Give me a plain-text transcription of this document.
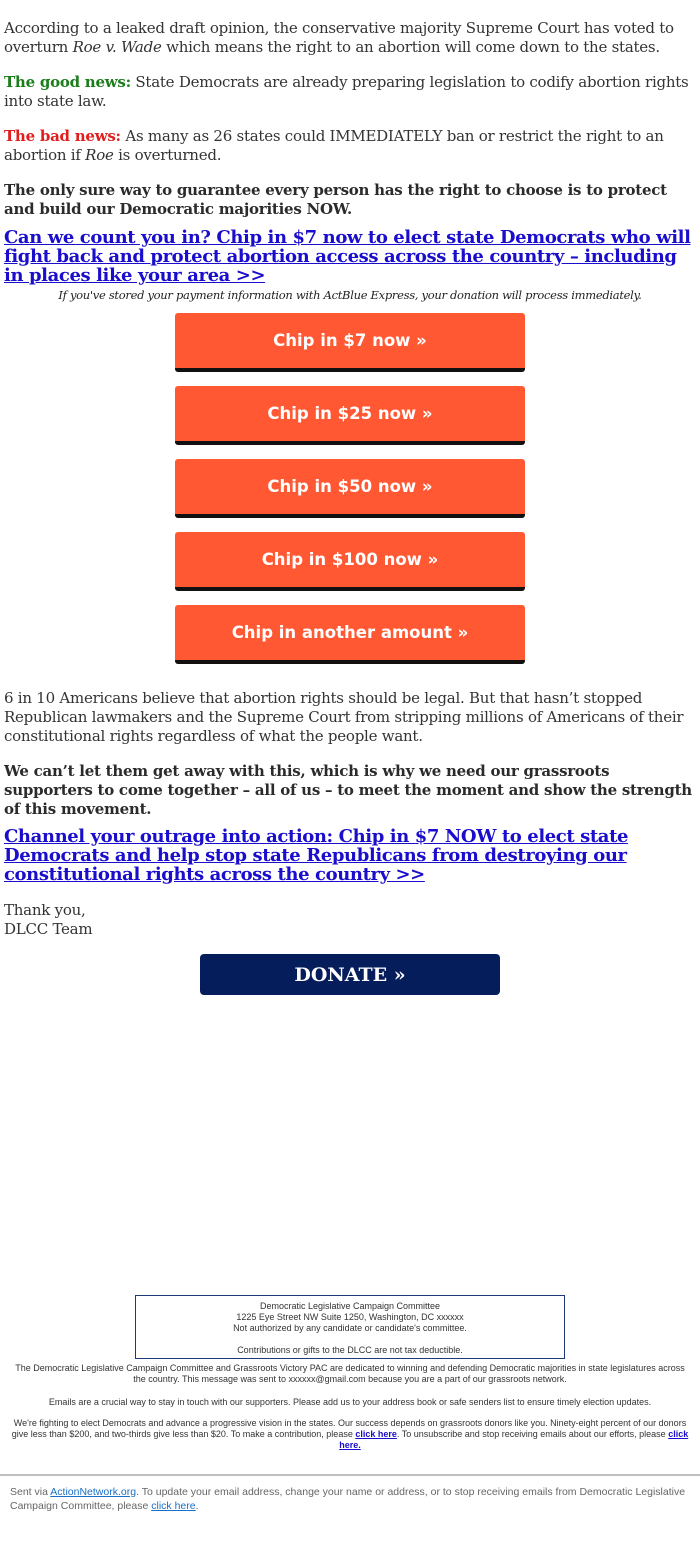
According to a leaked draft opinion, the conservative majority Supreme Court has voted to overturn Roe v. Wade which means the right to an abortion will come down to the states.

The good news: State Democrats are already preparing legislation to codify abortion rights into state law.

The bad news: As many as 26 states could IMMEDIATELY ban or restrict the right to an abortion if Roe is overturned.

The only sure way to guarantee every person has the right to choose is to protect and build our Democratic majorities NOW.

Can we count you in? Chip in $7 now to elect state Democrats who will fight back and protect abortion access across the country – including in places like your area >>
If you've stored your payment information with ActBlue Express, your donation will process immediately.
Chip in $7 now »
Chip in $25 now »
Chip in $50 now »
Chip in $100 now »
Chip in another amount »

6 in 10 Americans believe that abortion rights should be legal. But that hasn’t stopped Republican lawmakers and the Supreme Court from stripping millions of Americans of their constitutional rights regardless of what the people want.

We can’t let them get away with this, which is why we need our grassroots supporters to come together – all of us – to meet the moment and show the strength of this movement.

Channel your outrage into action: Chip in $7 NOW to elect state Democrats and help stop state Republicans from destroying our constitutional rights across the country >>

Thank you,

DLCC Team

DONATE »
Democratic Legislative Campaign Committee
1225 Eye Street NW Suite 1250, Washington, DC xxxxxx
Not authorized by any candidate or candidate's committee.
Contributions or gifts to the DLCC are not tax deductible.
The Democratic Legislative Campaign Committee and Grassroots Victory PAC are dedicated to winning and defending Democratic majorities in state legislatures across the country. This message was sent to xxxxxx@gmail.com because you are a part of our grassroots network.
Emails are a crucial way to stay in touch with our supporters. Please add us to your address book or safe senders list to ensure timely election updates.
We're fighting to elect Democrats and advance a progressive vision in the states. Our success depends on grassroots donors like you. Ninety-eight percent of our donors give less than $200, and two-thirds give less than $20. To make a contribution, please click here. To unsubscribe and stop receiving emails about our efforts, please click here.
Sent via ActionNetwork.org. To update your email address, change your name or address, or to stop receiving emails from Democratic Legislative Campaign Committee, please click here.
